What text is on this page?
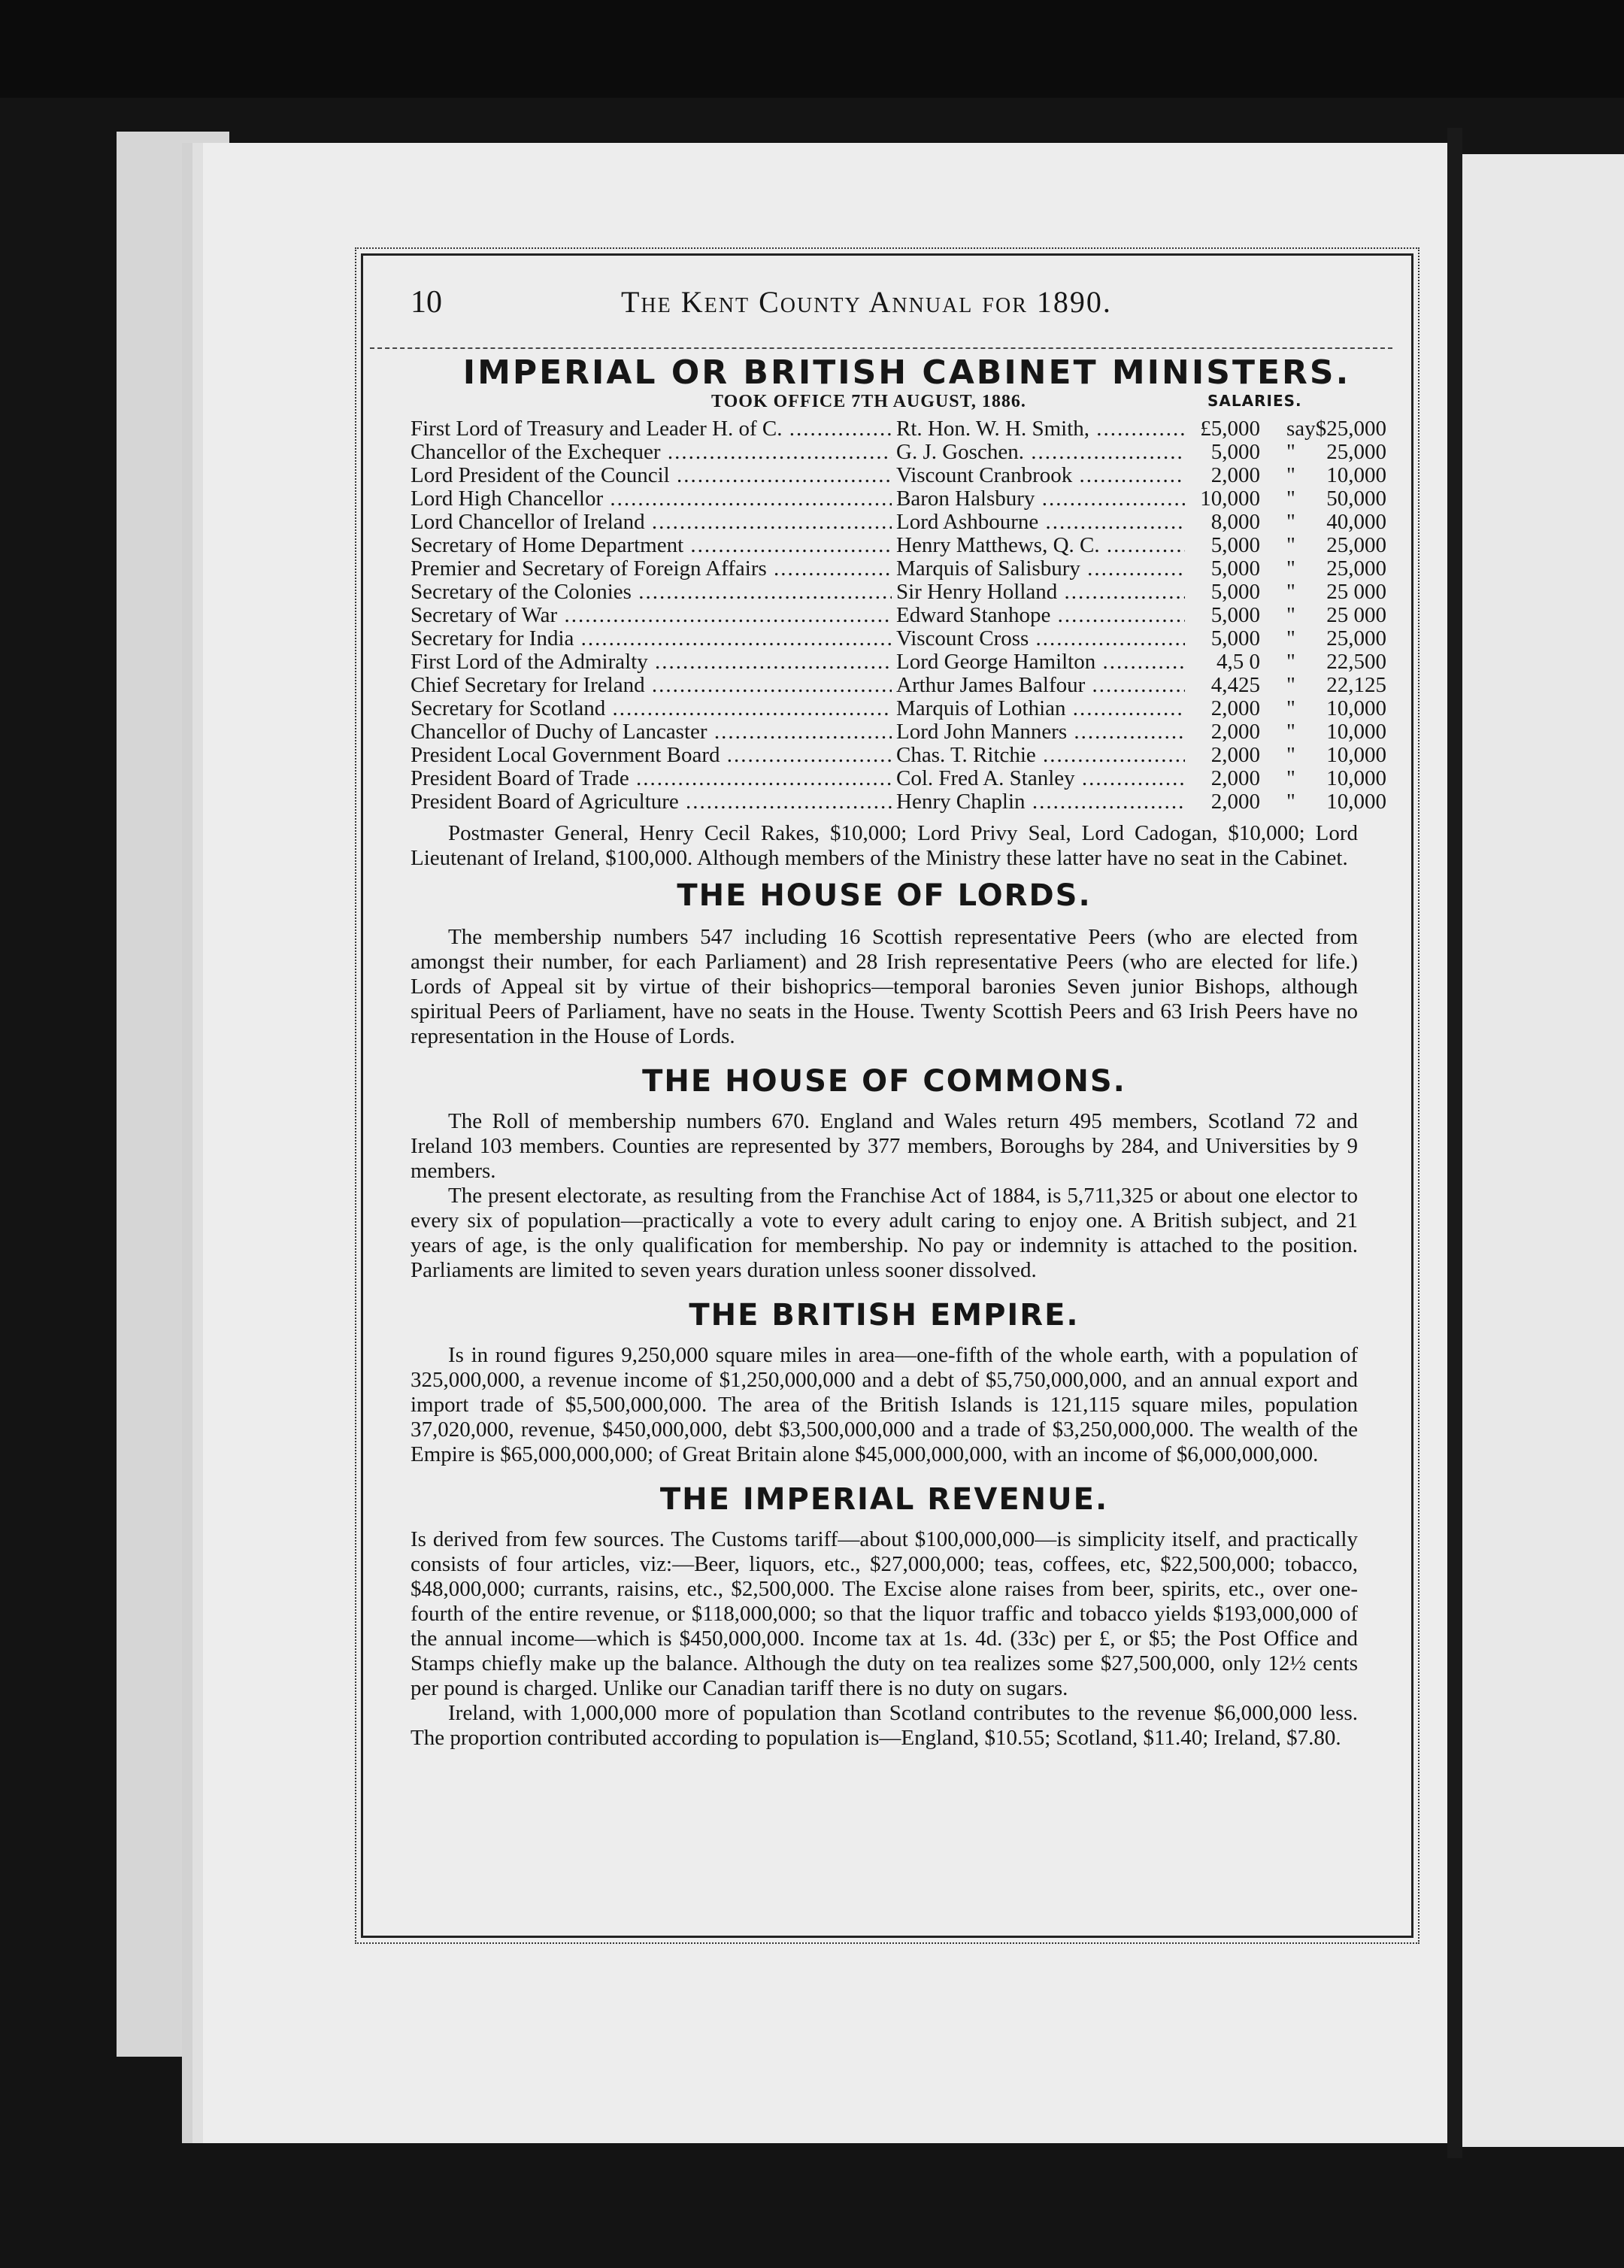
10	The Kent County Annual for 1890.
IMPERIAL OR BRITISH CABINET MINISTERS.
TOOK OFFICE 7TH AUGUST, 1886.	SALARIES.
First Lord of Treasury and Leader H. of C. .....	Rt. Hon. W. H. Smith, .....	£5,000 say $25,000
Chancellor of the Exchequer .....	G. J. Goschen. .....	5,000 "	25,000
Lord President of the Council .....	Viscount Cranbrook .....	2,000 "	10,000
Lord High Chancellor .....	Baron Halsbury .....	10,000 "	50,000
Lord Chancellor of Ireland .....	Lord Ashbourne .....	8,000 "	40,000
Secretary of Home Department .....	Henry Matthews, Q. C. .....	5,000 "	25,000
Premier and Secretary of Foreign Affairs .....	Marquis of Salisbury .....	5,000 "	25,000
Secretary of the Colonies .....	Sir Henry Holland .....	5,000 "	25 000
Secretary of War .....	Edward Stanhope .....	5,000 "	25 000
Secretary for India .....	Viscount Cross .....	5,000 "	25,000
First Lord of the Admiralty .....	Lord George Hamilton .....	4,5 0 "	22,500
Chief Secretary for Ireland .....	Arthur James Balfour .....	4,425 "	22,125
Secretary for Scotland .....	Marquis of Lothian .....	2,000 "	10,000
Chancellor of Duchy of Lancaster .....	Lord John Manners .....	2,000 "	10,000
President Local Government Board .....	Chas. T. Ritchie .....	2,000 "	10,000
President Board of Trade .....	Col. Fred A. Stanley .....	2,000 "	10,000
President Board of Agriculture .....	Henry Chaplin .....	2,000 "	10,000

Postmaster General, Henry Cecil Rakes, $10,000; Lord Privy Seal, Lord Cadogan, $10,000; Lord Lieutenant of Ireland, $100,000. Although members of the Ministry these latter have no seat in the Cabinet.

THE HOUSE OF LORDS.

The membership numbers 547 including 16 Scottish representative Peers (who are elected from amongst their number, for each Parliament) and 28 Irish representative Peers (who are elected for life.) Lords of Appeal sit by virtue of their bishoprics—temporal baronies Seven junior Bishops, although spiritual Peers of Parliament, have no seats in the House. Twenty Scottish Peers and 63 Irish Peers have no representation in the House of Lords.

THE HOUSE OF COMMONS.

The Roll of membership numbers 670. England and Wales return 495 members, Scotland 72 and Ireland 103 members. Counties are represented by 377 members, Boroughs by 284, and Universities by 9 members.

The present electorate, as resulting from the Franchise Act of 1884, is 5,711,325 or about one elector to every six of population—practically a vote to every adult caring to enjoy one. A British subject, and 21 years of age, is the only qualification for membership. No pay or indemnity is attached to the position. Parliaments are limited to seven years duration unless sooner dissolved.

THE BRITISH EMPIRE.

Is in round figures 9,250,000 square miles in area—one-fifth of the whole earth, with a population of 325,000,000, a revenue income of $1,250,000,000 and a debt of $5,750,000,000, and an annual export and import trade of $5,500,000,000. The area of the British Islands is 121,115 square miles, population 37,020,000, revenue, $450,000,000, debt $3,500,000,000 and a trade of $3,250,000,000. The wealth of the Empire is $65,000,000,000; of Great Britain alone $45,000,000,000, with an income of $6,000,000,000.

THE IMPERIAL REVENUE.

Is derived from few sources. The Customs tariff—about $100,000,000—is simplicity itself, and practically consists of four articles, viz:—Beer, liquors, etc., $27,000,000; teas, coffees, etc, $22,500,000; tobacco, $48,000,000; currants, raisins, etc., $2,500,000. The Excise alone raises from beer, spirits, etc., over one-fourth of the entire revenue, or $118,000,000; so that the liquor traffic and tobacco yields $193,000,000 of the annual income—which is $450,000,000. Income tax at 1s. 4d. (33c) per £, or $5; the Post Office and Stamps chiefly make up the balance. Although the duty on tea realizes some $27,500,000, only 12½ cents per pound is charged. Unlike our Canadian tariff there is no duty on sugars.

Ireland, with 1,000,000 more of population than Scotland contributes to the revenue $6,000,000 less. The proportion contributed according to population is—England, $10.55; Scotland, $11.40; Ireland, $7.80.
